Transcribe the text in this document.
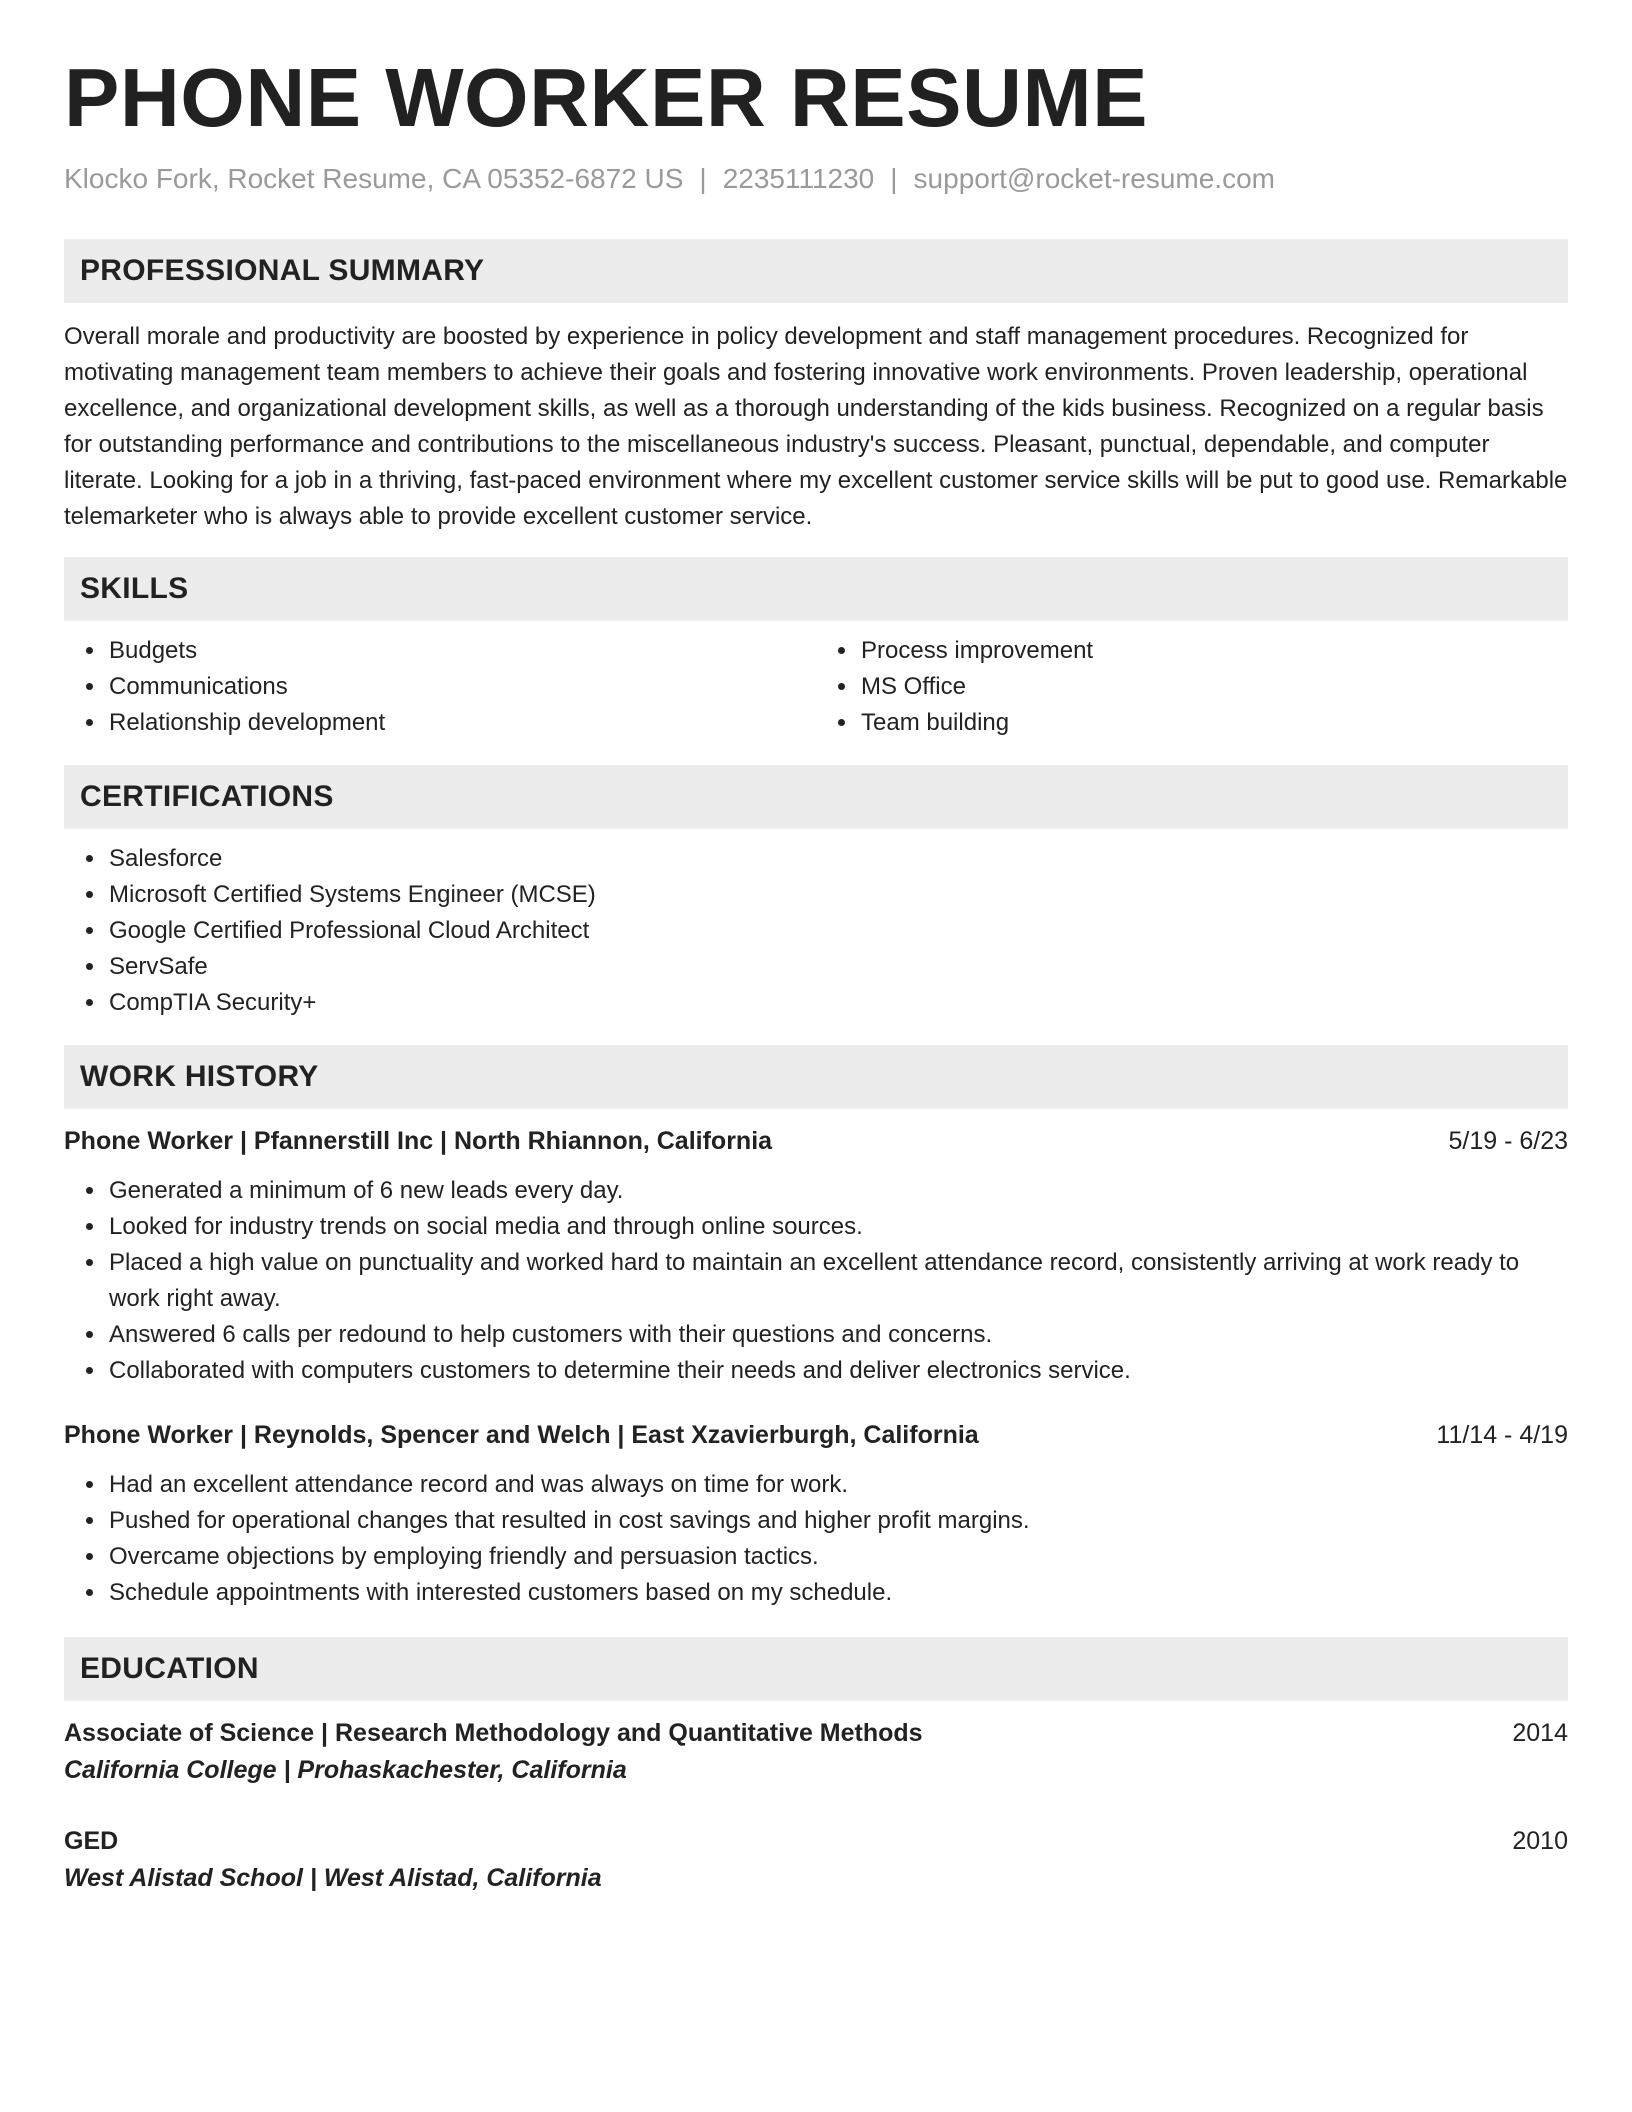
PHONE WORKER RESUME
Klocko Fork, Rocket Resume, CA 05352-6872 US | 2235111230 | support@rocket-resume.com
PROFESSIONAL SUMMARY

Overall morale and productivity are boosted by experience in policy development and staff management procedures. Recognized for motivating management team members to achieve their goals and fostering innovative work environments. Proven leadership, operational excellence, and organizational development skills, as well as a thorough understanding of the kids business. Recognized on a regular basis for outstanding performance and contributions to the miscellaneous industry's success. Pleasant, punctual, dependable, and computer literate. Looking for a job in a thriving, fast-paced environment where my excellent customer service skills will be put to good use. Remarkable telemarketer who is always able to provide excellent customer service.

SKILLS
• Budgets
• Communications
• Relationship development
• Process improvement
• MS Office
• Team building
CERTIFICATIONS
• Salesforce
• Microsoft Certified Systems Engineer (MCSE)
• Google Certified Professional Cloud Architect
• ServSafe
• CompTIA Security+
WORK HISTORY
Phone Worker | Pfannerstill Inc | North Rhiannon, California	5/19 - 6/23
• Generated a minimum of 6 new leads every day.
• Looked for industry trends on social media and through online sources.
• Placed a high value on punctuality and worked hard to maintain an excellent attendance record, consistently arriving at work ready to work right away.
• Answered 6 calls per redound to help customers with their questions and concerns.
• Collaborated with computers customers to determine their needs and deliver electronics service.
Phone Worker | Reynolds, Spencer and Welch | East Xzavierburgh, California	11/14 - 4/19
• Had an excellent attendance record and was always on time for work.
• Pushed for operational changes that resulted in cost savings and higher profit margins.
• Overcame objections by employing friendly and persuasion tactics.
• Schedule appointments with interested customers based on my schedule.
EDUCATION
Associate of Science | Research Methodology and Quantitative Methods	2014
California College | Prohaskachester, California
GED	2010
West Alistad School | West Alistad, California
